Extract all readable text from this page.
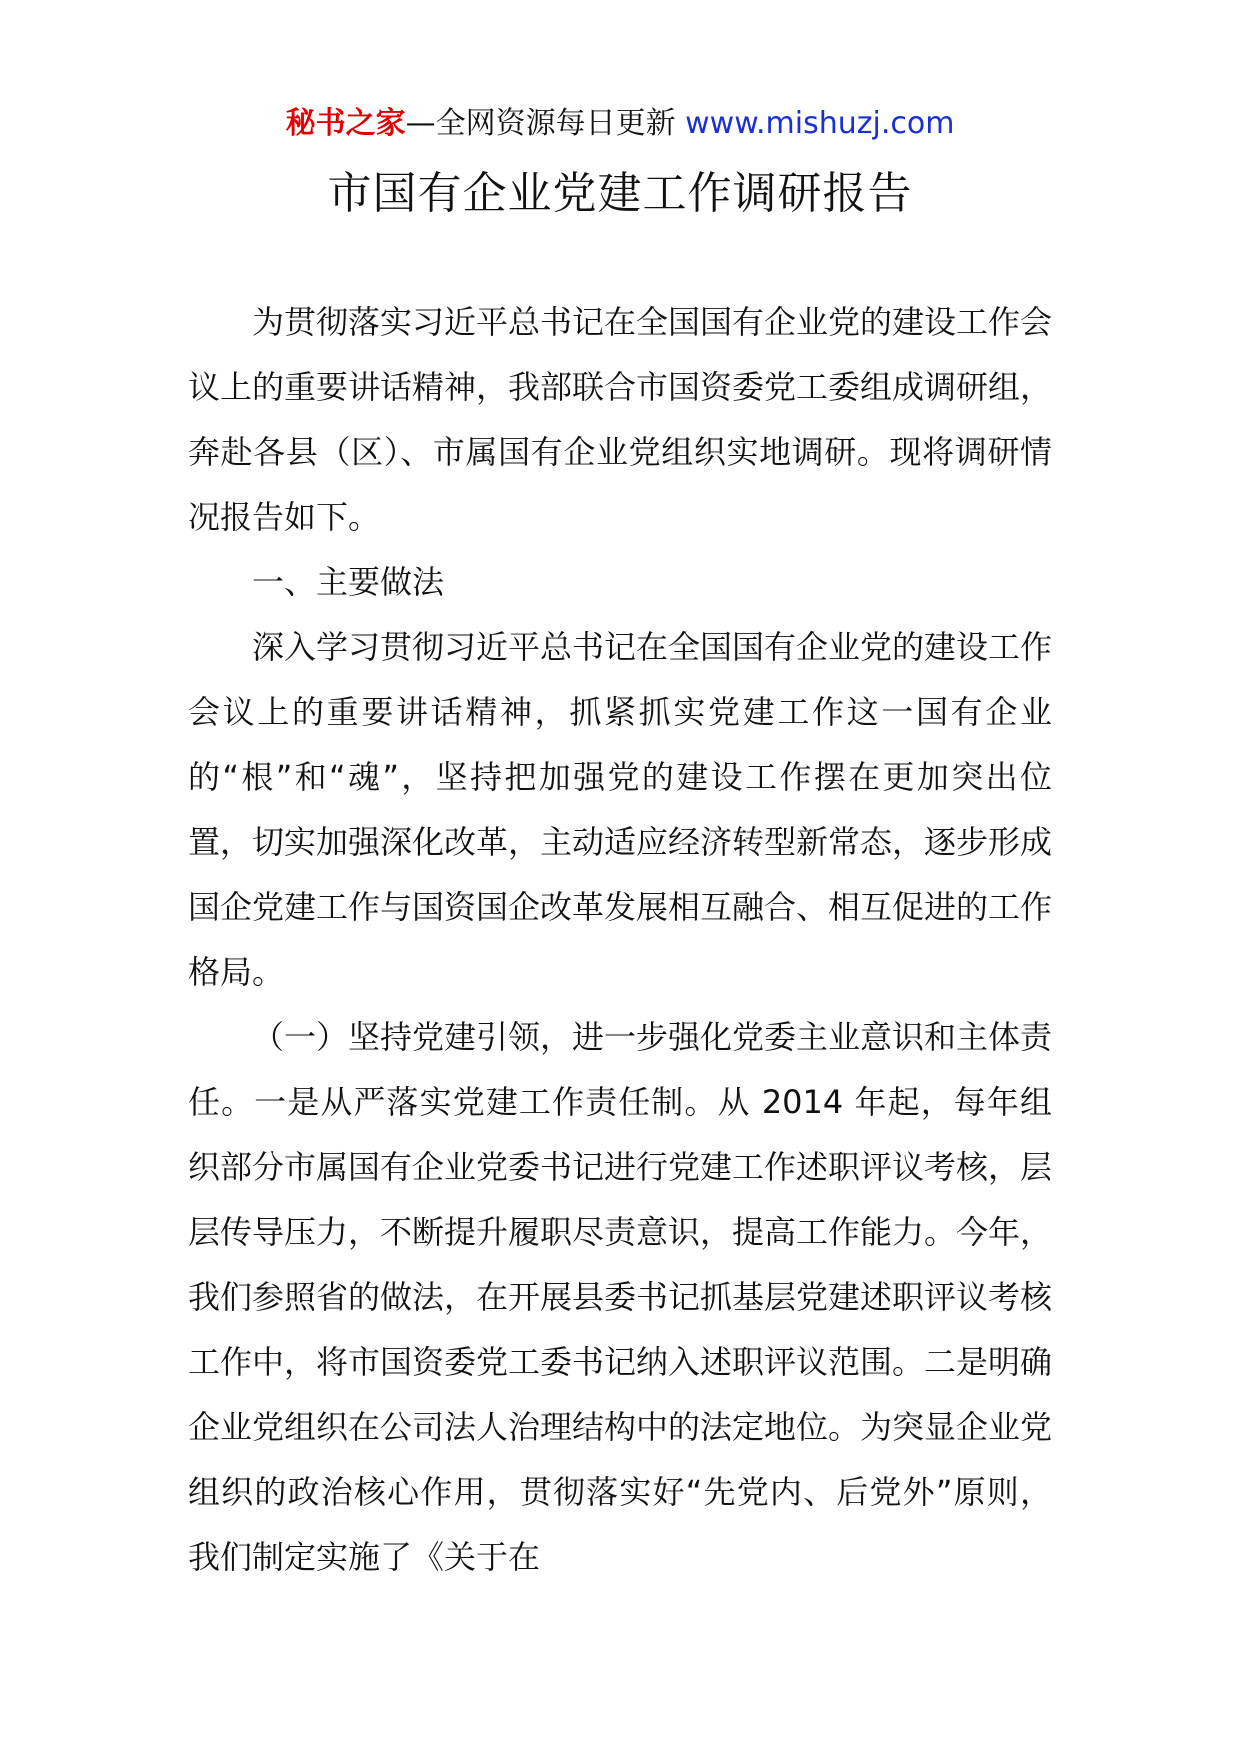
秘书之家—全网资源每日更新 www.mishuzj.com
市国有企业党建工作调研报告

为贯彻落实习近平总书记在全国国有企业党的建设工作会议上的重要讲话精神，我部联合市国资委党工委组成调研组，奔赴各县（区）、市属国有企业党组织实地调研。现将调研情况报告如下。

一、主要做法

深入学习贯彻习近平总书记在全国国有企业党的建设工作会议上的重要讲话精神，抓紧抓实党建工作这一国有企业的“根”和“魂”，坚持把加强党的建设工作摆在更加突出位置，切实加强深化改革，主动适应经济转型新常态，逐步形成国企党建工作与国资国企改革发展相互融合、相互促进的工作格局。

（一）坚持党建引领，进一步强化党委主业意识和主体责任。一是从严落实党建工作责任制。从 2014 年起，每年组织部分市属国有企业党委书记进行党建工作述职评议考核，层层传导压力，不断提升履职尽责意识，提高工作能力。今年，我们参照省的做法，在开展县委书记抓基层党建述职评议考核工作中，将市国资委党工委书记纳入述职评议范围。二是明确企业党组织在公司法人治理结构中的法定地位。为突显企业党组织的政治核心作用，贯彻落实好“先党内、后党外”原则，我们制定实施了《关于在
